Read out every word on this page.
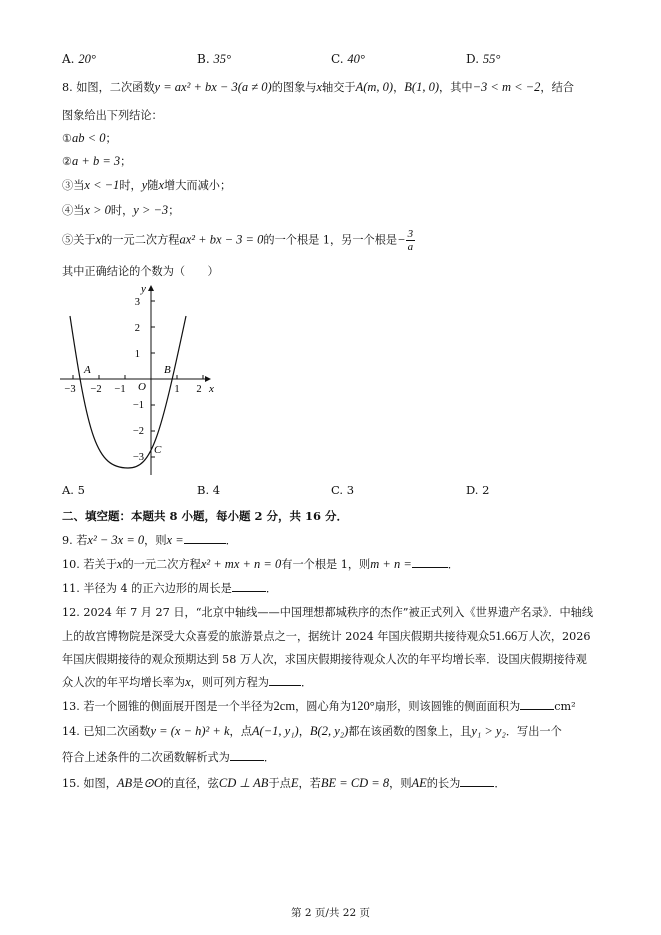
A. 20°	B. 35°	C. 40°	D. 55°
8. 如图，二次函数y = ax² + bx − 3(a ≠ 0)的图象与x轴交于A(m, 0)，B(1, 0)，其中−3 < m < −2，结合
图象给出下列结论：
①ab < 0；
②a + b = 3；
③当x < −1时，y随x增大而减小；
④当x > 0时，y > −3；
⑤关于x的一元二次方程ax² + bx − 3 = 0的一个根是 1，另一个根是− $\frac{3}{a}$
其中正确结论的个数为（　　）
y
x
O
A	B
C
3
2
1
−1
−2
−3
−3 −2 −1	1 2
A. 5	B. 4	C. 3	D. 2
二、填空题：本题共 8 小题，每小题 2 分，共 16 分．
9. 若x² − 3x = 0，则x =	．
10. 若关于x的一元二次方程x² + mx + n = 0有一个根是 1，则m + n =	．
11. 半径为 4 的正六边形的周长是	．
12. 2024 年 7 月 27 日，“北京中轴线——中国理想都城秩序的杰作”被正式列入《世界遗产名录》．中轴线
上的故宫博物院是深受大众喜爱的旅游景点之一，据统计 2024 年国庆假期共接待观众51.66万人次，2026
年国庆假期接待的观众预期达到 58 万人次，求国庆假期接待观众人次的年平均增长率．设国庆假期接待观
众人次的年平均增长率为x，则可列方程为	．
13. 若一个圆锥的侧面展开图是一个半径为2cm，圆心角为120°扇形，则该圆锥的侧面面积为	cm²
14. 已知二次函数y = (x − h)² + k，点A(−1, y₁)，B(2, y₂)都在该函数的图象上，且y₁ > y₂．写出一个
符合上述条件的二次函数解析式为	．
15. 如图，AB是⊙O的直径，弦CD ⊥ AB于点E，若BE = CD = 8，则AE的长为	．
第 2 页/共 22 页
